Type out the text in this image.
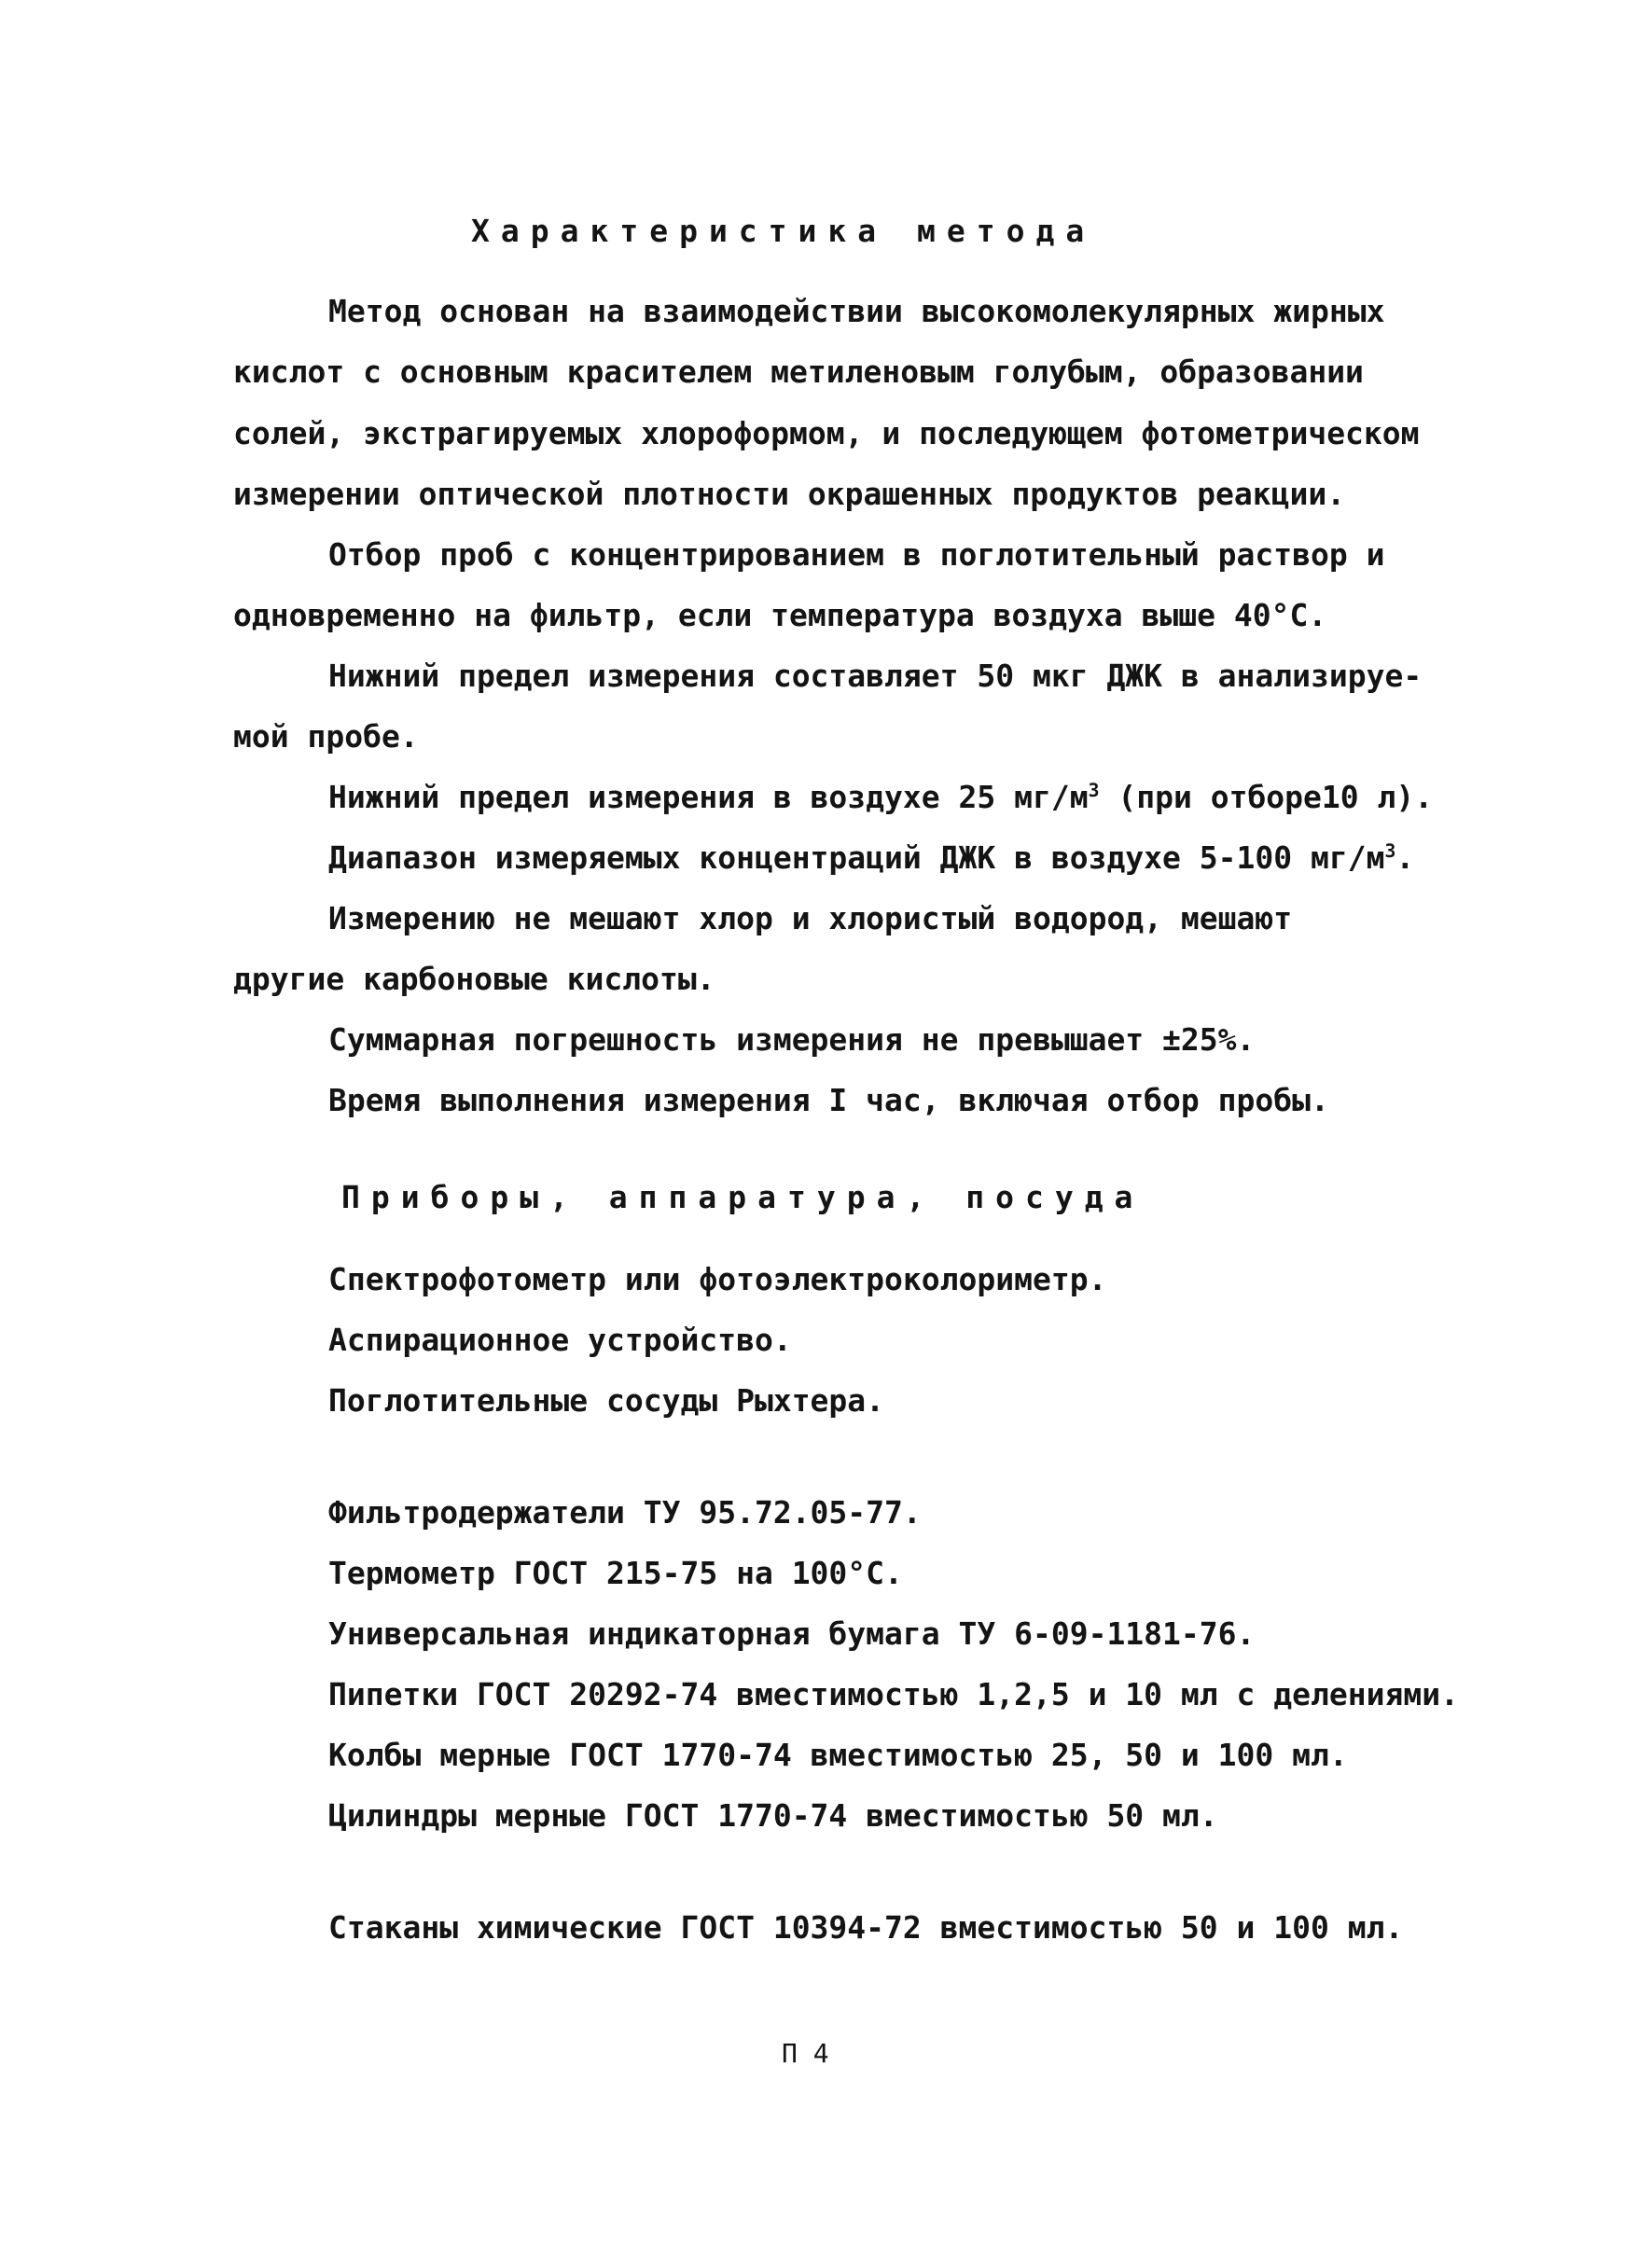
Характеристика метода
Метод основан на взаимодействии высокомолекулярных жирных
кислот с основным красителем метиленовым голубым, образовании
солей, экстрагируемых хлороформом, и последующем фотометрическом
измерении оптической плотности окрашенных продуктов реакции.
Отбор проб с концентрированием в поглотительный раствор и
одновременно на фильтр, если температура воздуха выше 40°С.
Нижний предел измерения составляет 50 мкг ДЖК в анализируе-
мой пробе.
Нижний предел измерения в воздухе 25 $мг/м^3$ (при отборе10 л).
Диапазон измеряемых концентраций ДЖК в воздухе 5-100 $мг/м^3$.
Измерению не мешают хлор и хлористый водород, мешают
другие карбоновые кислоты.
Суммарная погрешность измерения не превышает ±25%.
Время выполнения измерения I час, включая отбор пробы.
Приборы, аппаратура, посуда
Спектрофотометр или фотоэлектроколориметр.
Аспирационное устройство.
Поглотительные сосуды Рыхтера.
Фильтродержатели ТУ 95.72.05-77.
Термометр ГОСТ 215-75 на 100°С.
Универсальная индикаторная бумага ТУ 6-09-1181-76.
Пипетки ГОСТ 20292-74 вместимостью 1,2,5 и 10 мл с делениями.
Колбы мерные ГОСТ 1770-74 вместимостью 25, 50 и 100 мл.
Цилиндры мерные ГОСТ 1770-74 вместимостью 50 мл.
Стаканы химические ГОСТ 10394-72 вместимостью 50 и 100 мл.
П 4
